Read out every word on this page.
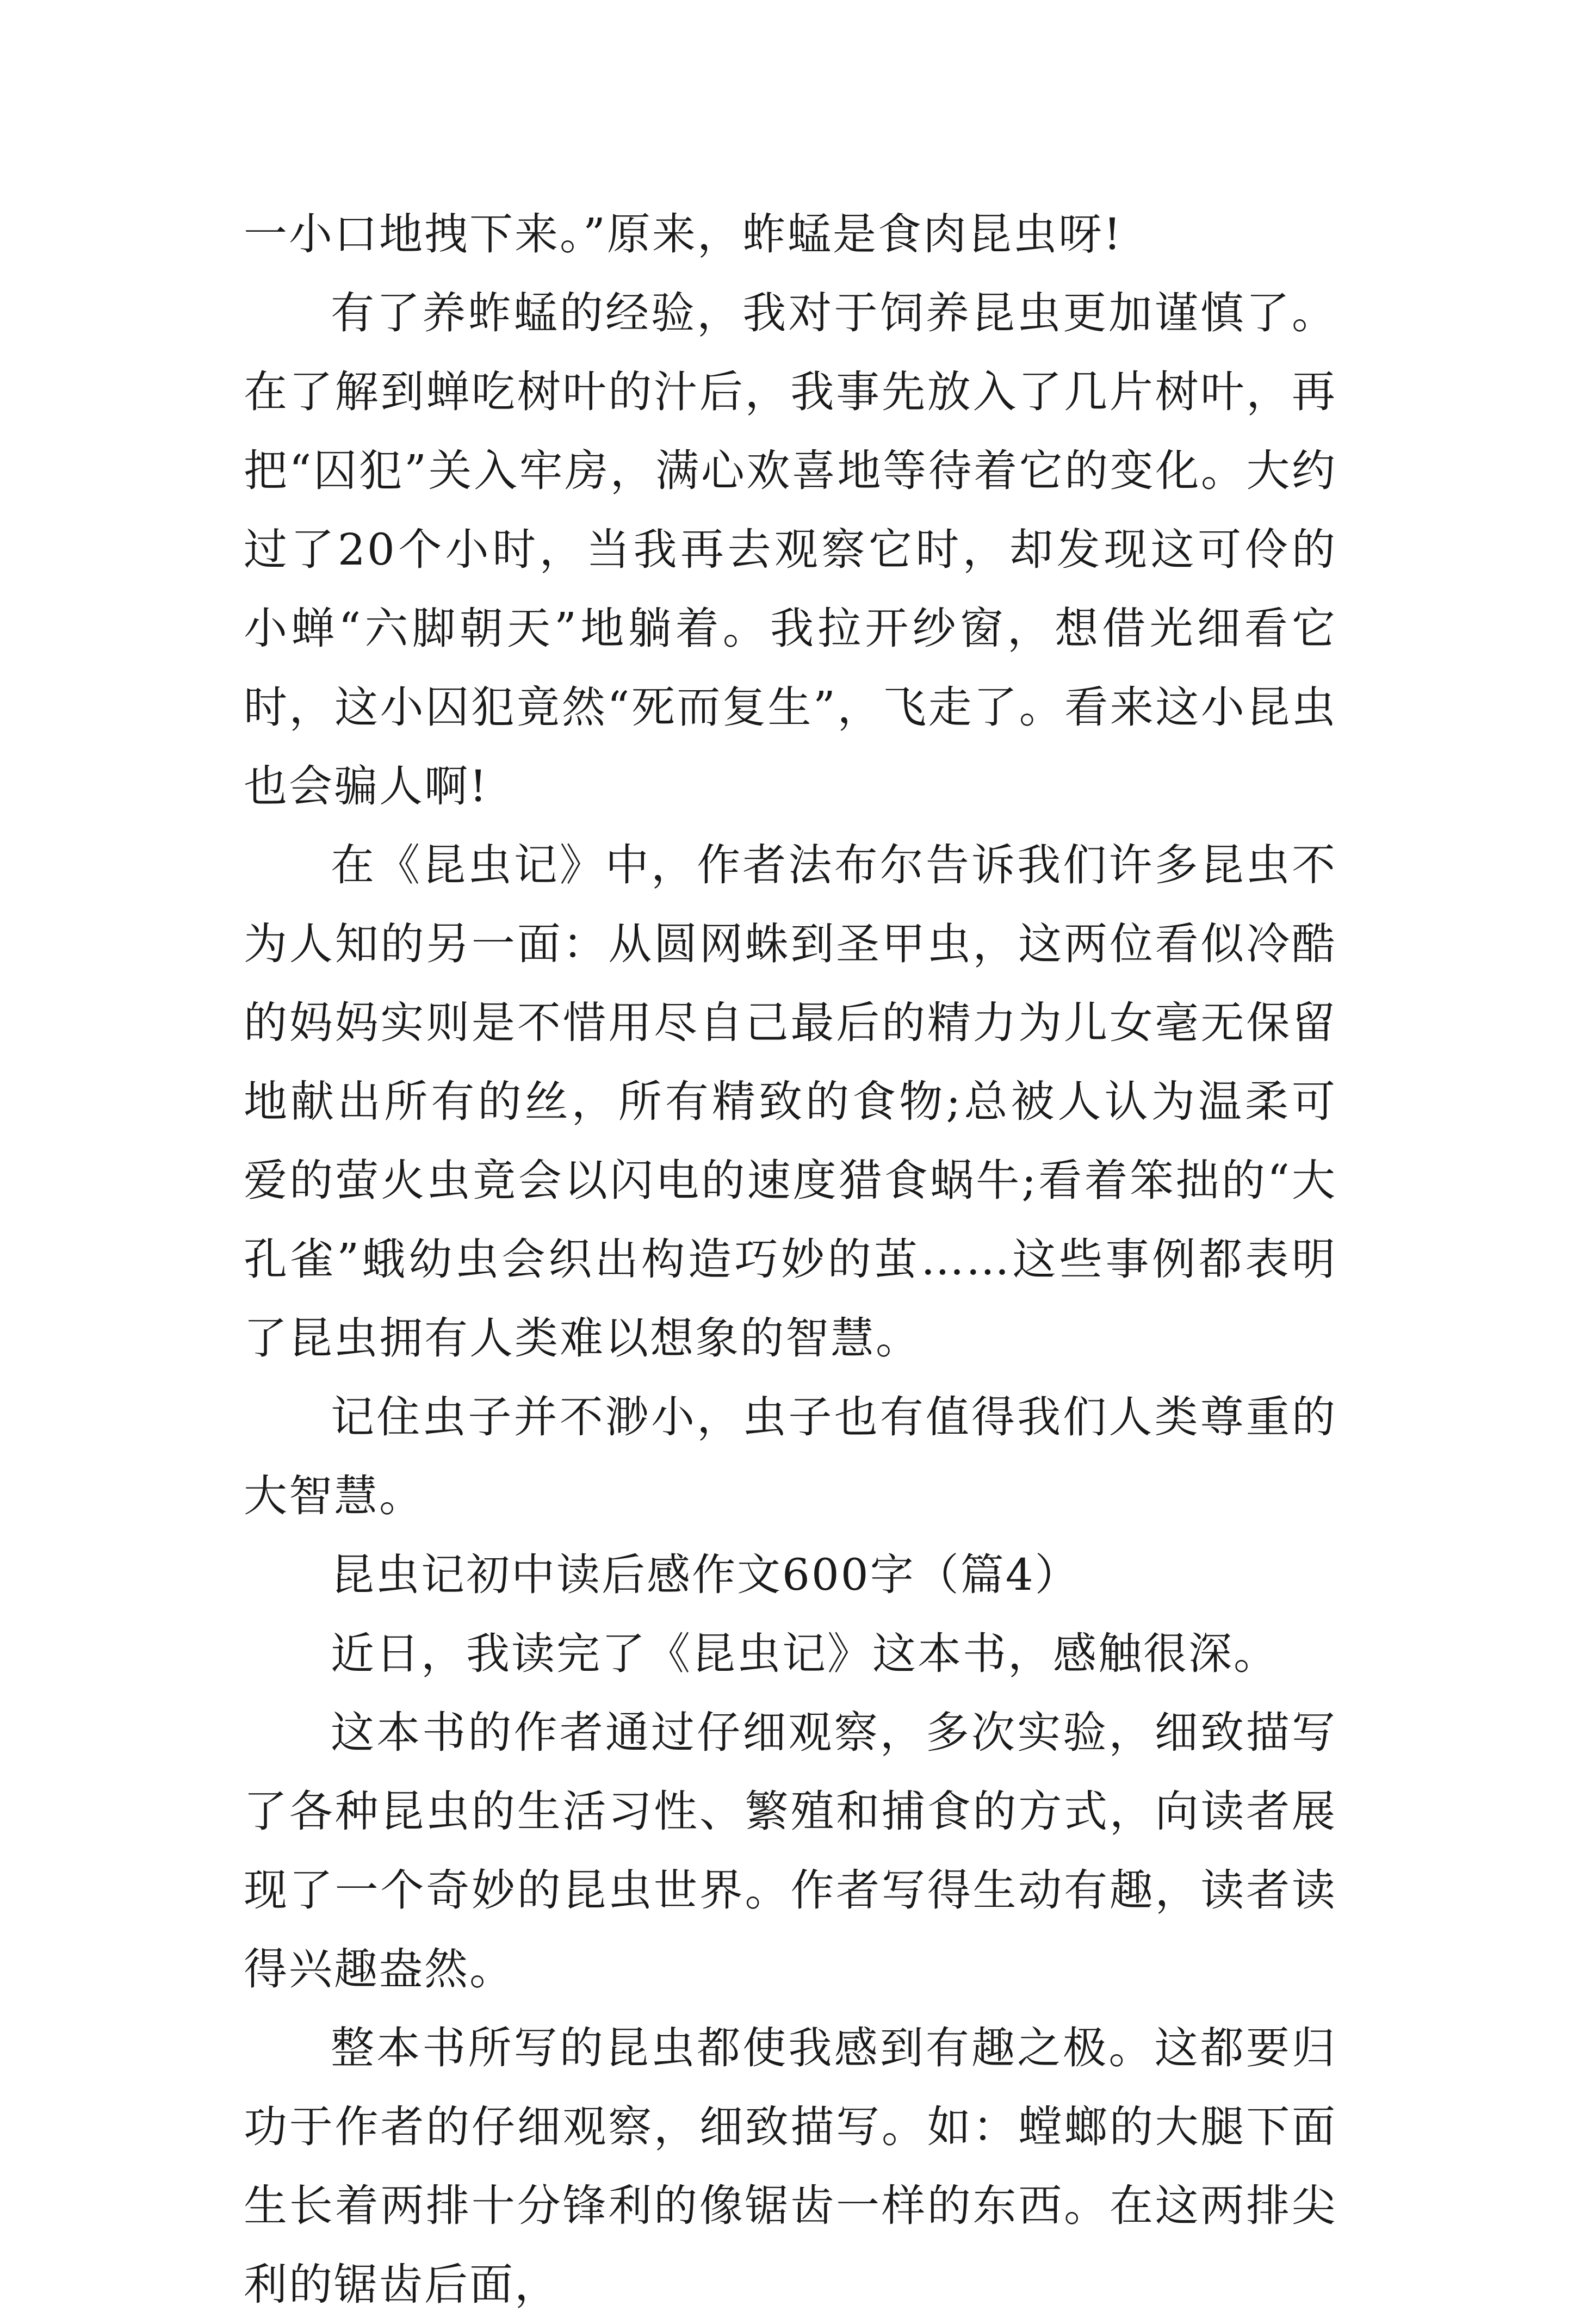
一小口地拽下来。”原来，蚱蜢是食肉昆虫呀!

有了养蚱蜢的经验，我对于饲养昆虫更加谨慎了。在了解到蝉吃树叶的汁后，我事先放入了几片树叶，再把“囚犯”关入牢房，满心欢喜地等待着它的变化。大约过了20个小时，当我再去观察它时，却发现这可伶的小蝉“六脚朝天”地躺着。我拉开纱窗，想借光细看它时，这小囚犯竟然“死而复生”，飞走了。看来这小昆虫也会骗人啊!

在《昆虫记》中，作者法布尔告诉我们许多昆虫不为人知的另一面：从圆网蛛到圣甲虫，这两位看似冷酷的妈妈实则是不惜用尽自己最后的精力为儿女毫无保留地献出所有的丝，所有精致的食物;总被人认为温柔可爱的萤火虫竟会以闪电的速度猎食蜗牛;看着笨拙的“大孔雀”蛾幼虫会织出构造巧妙的茧……这些事例都表明了昆虫拥有人类难以想象的智慧。

记住虫子并不渺小，虫子也有值得我们人类尊重的大智慧。

昆虫记初中读后感作文600字（篇4）

近日，我读完了《昆虫记》这本书，感触很深。

这本书的作者通过仔细观察，多次实验，细致描写了各种昆虫的生活习性、繁殖和捕食的方式，向读者展现了一个奇妙的昆虫世界。作者写得生动有趣，读者读得兴趣盎然。

整本书所写的昆虫都使我感到有趣之极。这都要归功于作者的仔细观察，细致描写。如：螳螂的大腿下面生长着两排十分锋利的像锯齿一样的东西。在这两排尖利的锯齿后面，
